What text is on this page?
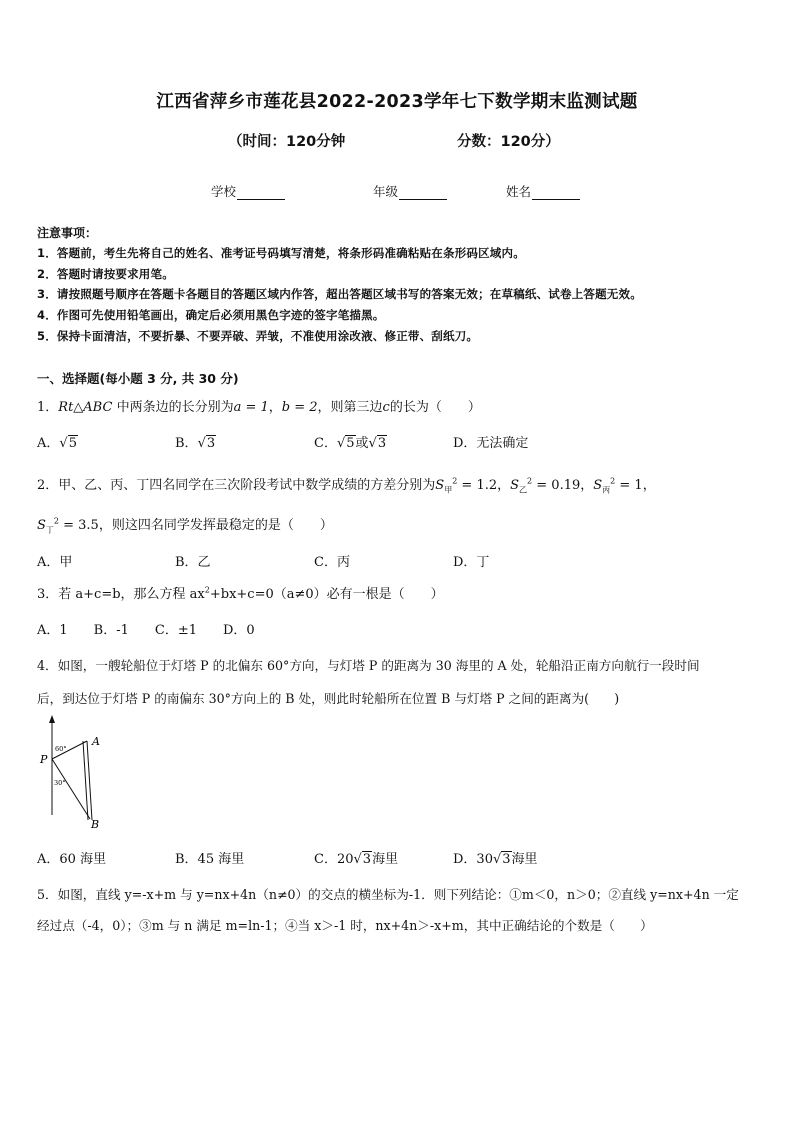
江西省萍乡市莲花县2022-2023学年七下数学期末监测试题
（时间：120分钟	分数：120分）
学校	年级	姓名
注意事项：
1．答题前，考生先将自己的姓名、准考证号码填写清楚，将条形码准确粘贴在条形码区域内。
2．答题时请按要求用笔。
3．请按照题号顺序在答题卡各题目的答题区域内作答，超出答题区域书写的答案无效；在草稿纸、试卷上答题无效。
4．作图可先使用铅笔画出，确定后必须用黑色字迹的签字笔描黑。
5．保持卡面清洁，不要折暴、不要弄破、弄皱，不准使用涂改液、修正带、刮纸刀。
一、选择题(每小题 3 分, 共 30 分)
1．Rt△ABC 中两条边的长分别为a = 1，b = 2，则第三边c的长为（　　）
A．√5	B．√3	C．√5或√3	D．无法确定
2．甲、乙、丙、丁四名同学在三次阶段考试中数学成绩的方差分别为$S_甲^2 = 1.2$，$S_乙^2 = 0.19$，$S_丙^2 = 1$，
$S_丁^2 = 3.5$，则这四名同学发挥最稳定的是（　　）
A．甲	B．乙	C．丙	D．丁
3．若 a+c=b，那么方程 $ax^2+bx+c=0(a\ne 0)$必有一根是（　　）
A．1　　B．-1　　C．±1　　D．0
4．如图，一艘轮船位于灯塔 P 的北偏东 60°方向，与灯塔 P 的距离为 30 海里的 A 处，轮船沿正南方向航行一段时间
后，到达位于灯塔 P 的南偏东 30°方向上的 B 处，则此时轮船所在位置 B 与灯塔 P 之间的距离为(　　)
P
A
B
60°
30°
A．60 海里	B．45 海里	C．20√3海里	D．30√3海里
5．如图，直线 y=-x+m 与 y=nx+4n（n≠0）的交点的横坐标为-1．则下列结论：①m＜0，n＞0；②直线 y=nx+4n 一定
经过点（-4，0）；③m 与 n 满足 m=ln-1；④当 x＞-1 时，nx+4n＞-x+m，其中正确结论的个数是（　　）
